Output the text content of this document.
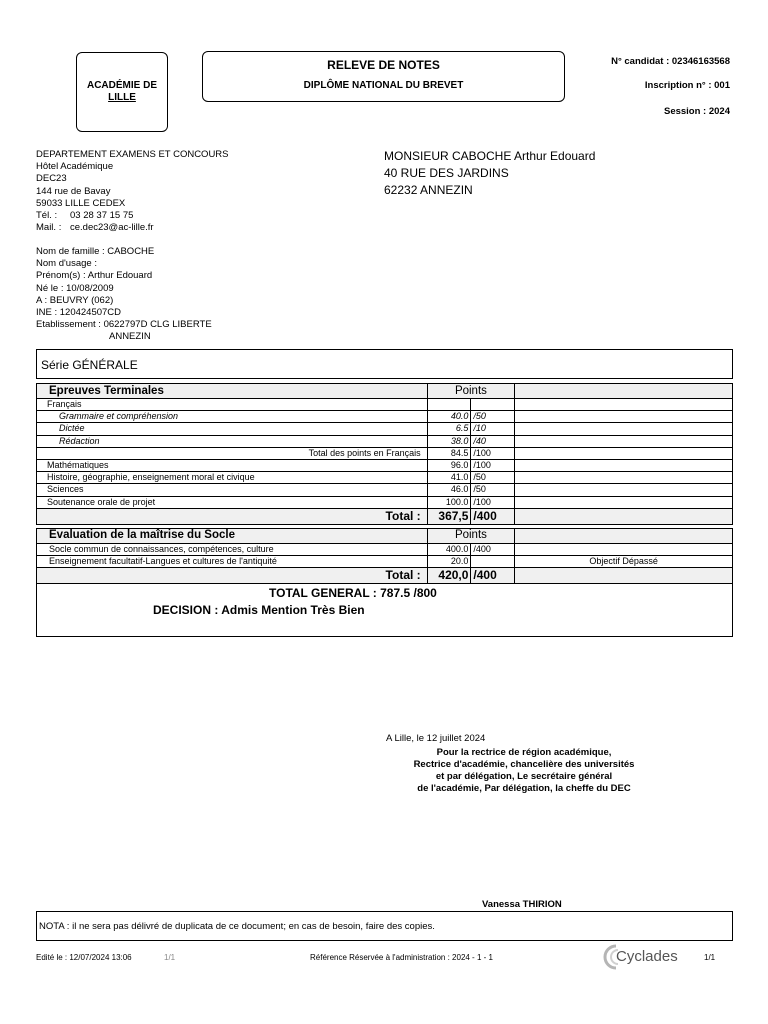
ACADÉMIE DE
LILLE
RELEVE DE NOTES
DIPLÔME NATIONAL DU BREVET
N° candidat : 02346163568
Inscription n° : 001
Session : 2024
DEPARTEMENT EXAMENS ET CONCOURS
Hôtel Académique
DEC23
144 rue de Bavay
59033 LILLE CEDEX
Tél. : 03 28 37 15 75
Mail. : ce.dec23@ac-lille.fr
MONSIEUR CABOCHE Arthur Edouard
40 RUE DES JARDINS
62232 ANNEZIN
Nom de famille : CABOCHE
Nom d'usage :
Prénom(s) : Arthur Edouard
Né le : 10/08/2009
A : BEUVRY (062)
INE : 120424507CD
Etablissement : 0622797D CLG LIBERTE
ANNEZIN
Série GÉNÉRALE
Epreuves Terminales	Points		
Français			
Grammaire et compréhension	40.0	/50	
Dictée	6.5	/10	
Rédaction	38.0	/40	
Total des points en Français	84.5	/100	
Mathématiques	96.0	/100	
Histoire, géographie, enseignement moral et civique	41.0	/50	
Sciences	46.0	/50	
Soutenance orale de projet	100.0	/100	
Total :	367,5	/400	

Evaluation de la maîtrise du Socle	Points		
Socle commun de connaissances, compétences, culture	400.0	/400	
Enseignement facultatif-Langues et cultures de l'antiquité	20.0		Objectif Dépassé
Total :	420,0	/400	
TOTAL GENERAL : 787.5 /800
DECISION : Admis Mention Très Bien
A Lille, le 12 juillet 2024
Pour la rectrice de région académique,
Rectrice d'académie, chancelière des universités
et par délégation, Le secrétaire général
de l'académie, Par délégation, la cheffe du DEC
Vanessa THIRION
NOTA : il ne sera pas délivré de duplicata de ce document; en cas de besoin, faire des copies.
Edité le : 12/07/2024 13:06	1/1	Référence Réservée à l'administration : 2024 - 1 - 1	Cyclades	1/1
